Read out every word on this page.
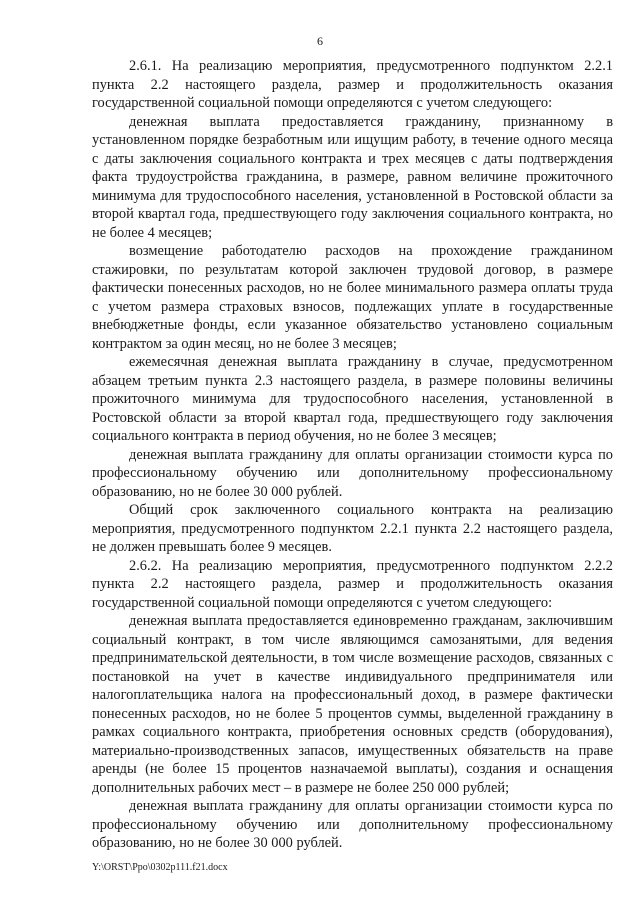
6

2.6.1. На реализацию мероприятия, предусмотренного подпунктом 2.2.1 пункта 2.2 настоящего раздела, размер и продолжительность оказания государственной социальной помощи определяются с учетом следующего:

денежная выплата предоставляется гражданину, признанному в установленном порядке безработным или ищущим работу, в течение одного месяца с даты заключения социального контракта и трех месяцев с даты подтверждения факта трудоустройства гражданина, в размере, равном величине прожиточного минимума для трудоспособного населения, установленной в Ростовской области за второй квартал года, предшествующего году заключения социального контракта, но не более 4 месяцев;

возмещение работодателю расходов на прохождение гражданином стажировки, по результатам которой заключен трудовой договор, в размере фактически понесенных расходов, но не более минимального размера оплаты труда с учетом размера страховых взносов, подлежащих уплате в государственные внебюджетные фонды, если указанное обязательство установлено социальным контрактом за один месяц, но не более 3 месяцев;

ежемесячная денежная выплата гражданину в случае, предусмотренном абзацем третьим пункта 2.3 настоящего раздела, в размере половины величины прожиточного минимума для трудоспособного населения, установленной в Ростовской области за второй квартал года, предшествующего году заключения социального контракта в период обучения, но не более 3 месяцев;

денежная выплата гражданину для оплаты организации стоимости курса по профессиональному обучению или дополнительному профессиональному образованию, но не более 30 000 рублей.

Общий срок заключенного социального контракта на реализацию мероприятия, предусмотренного подпунктом 2.2.1 пункта 2.2 настоящего раздела, не должен превышать более 9 месяцев.

2.6.2. На реализацию мероприятия, предусмотренного подпунктом 2.2.2 пункта 2.2 настоящего раздела, размер и продолжительность оказания государственной социальной помощи определяются с учетом следующего:

денежная выплата предоставляется единовременно гражданам, заключившим социальный контракт, в том числе являющимся самозанятыми, для ведения предпринимательской деятельности, в том числе возмещение расходов, связанных с постановкой на учет в качестве индивидуального предпринимателя или налогоплательщика налога на профессиональный доход, в размере фактически понесенных расходов, но не более 5 процентов суммы, выделенной гражданину в рамках социального контракта, приобретения основных средств (оборудования), материально-производственных запасов, имущественных обязательств на праве аренды (не более 15 процентов назначаемой выплаты), создания и оснащения дополнительных рабочих мест – в размере не более 250 000 рублей;

денежная выплата гражданину для оплаты организации стоимости курса по профессиональному обучению или дополнительному профессиональному образованию, но не более 30 000 рублей.

Y:\ORST\Ppo\0302p111.f21.docx
